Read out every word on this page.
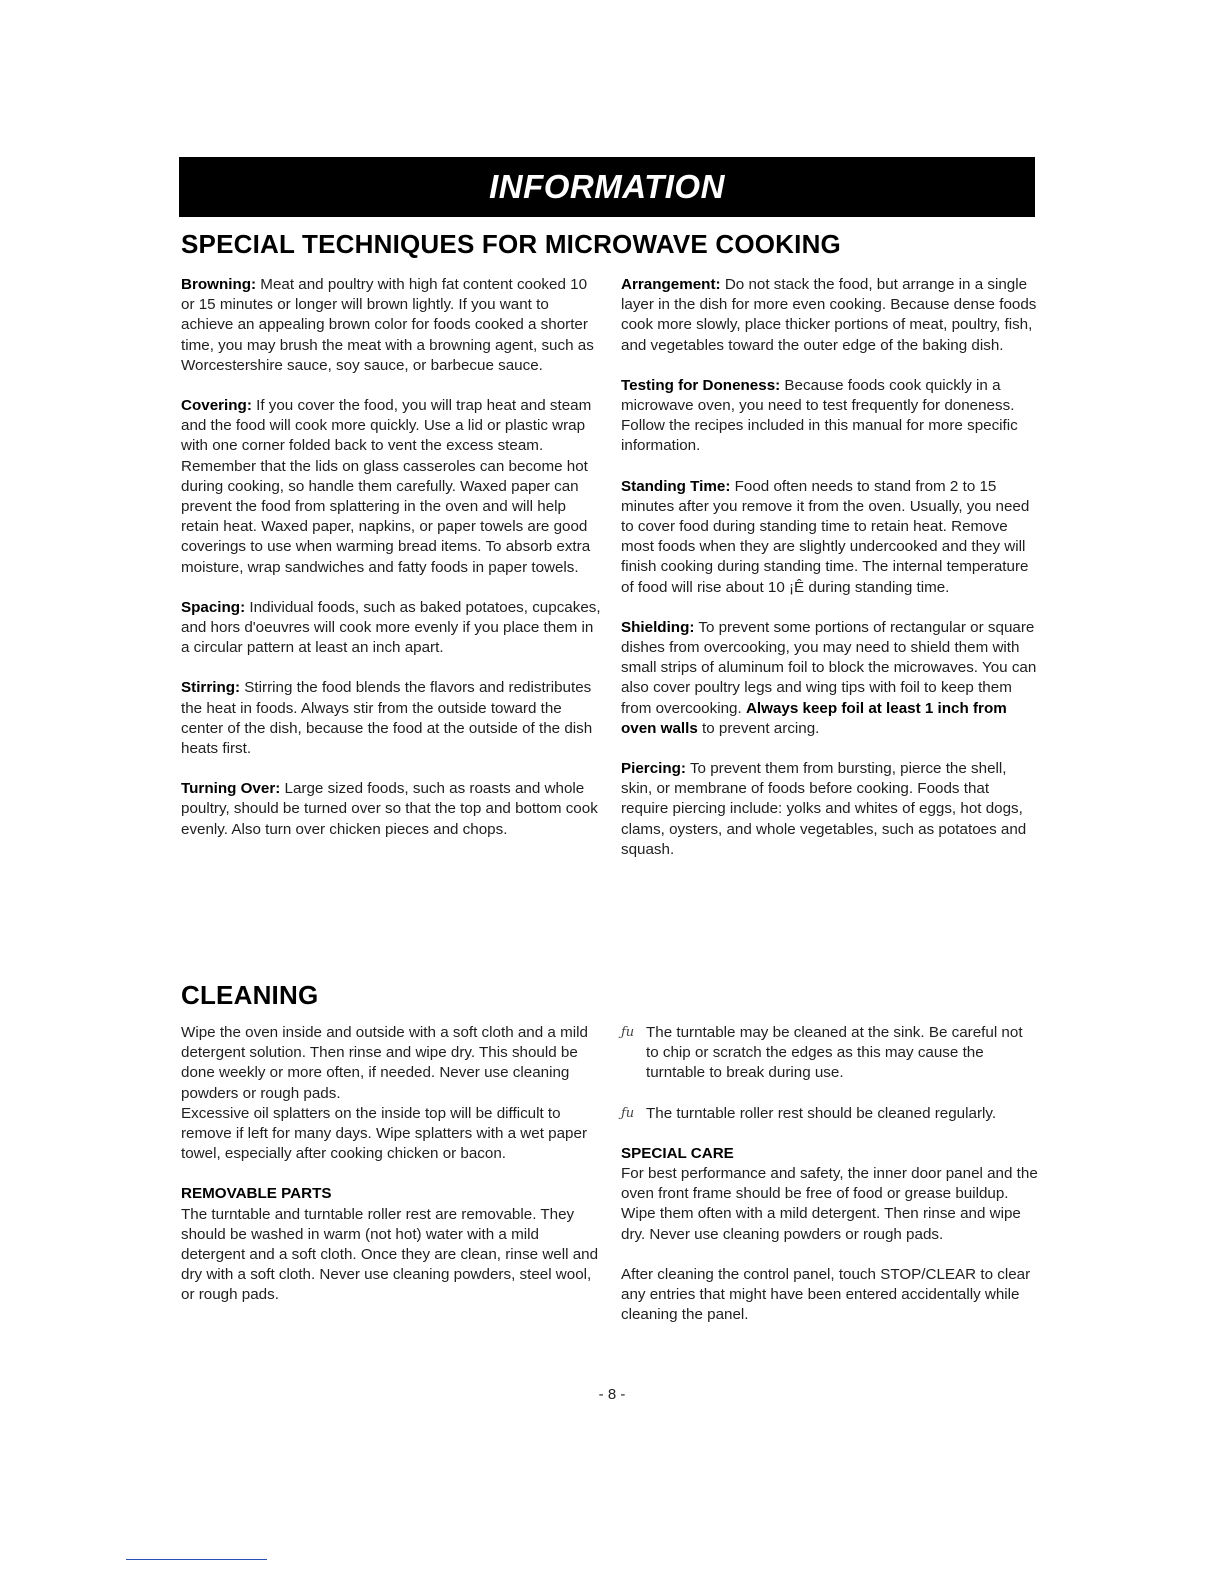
INFORMATION
SPECIAL TECHNIQUES FOR MICROWAVE COOKING

Browning: Meat and poultry with high fat content cooked 10 or 15 minutes or longer will brown lightly. If you want to achieve an appealing brown color for foods cooked a shorter time, you may brush the meat with a browning agent, such as Worcestershire sauce, soy sauce, or barbecue sauce.

Covering: If you cover the food, you will trap heat and steam and the food will cook more quickly. Use a lid or plastic wrap with one corner folded back to vent the excess steam. Remember that the lids on glass casseroles can become hot during cooking, so handle them carefully. Waxed paper can prevent the food from splattering in the oven and will help retain heat. Waxed paper, napkins, or paper towels are good coverings to use when warming bread items. To absorb extra moisture, wrap sandwiches and fatty foods in paper towels.

Spacing: Individual foods, such as baked potatoes, cupcakes, and hors d'oeuvres will cook more evenly if you place them in a circular pattern at least an inch apart.

Stirring: Stirring the food blends the flavors and redistributes the heat in foods. Always stir from the outside toward the center of the dish, because the food at the outside of the dish heats first.

Turning Over: Large sized foods, such as roasts and whole poultry, should be turned over so that the top and bottom cook evenly. Also turn over chicken pieces and chops.

Arrangement: Do not stack the food, but arrange in a single layer in the dish for more even cooking. Because dense foods cook more slowly, place thicker portions of meat, poultry, fish, and vegetables toward the outer edge of the baking dish.

Testing for Doneness: Because foods cook quickly in a microwave oven, you need to test frequently for doneness. Follow the recipes included in this manual for more specific information.

Standing Time: Food often needs to stand from 2 to 15 minutes after you remove it from the oven. Usually, you need to cover food during standing time to retain heat. Remove most foods when they are slightly undercooked and they will finish cooking during standing time. The internal temperature of food will rise about 10 ¡Ê during standing time.

Shielding: To prevent some portions of rectangular or square dishes from overcooking, you may need to shield them with small strips of aluminum foil to block the microwaves. You can also cover poultry legs and wing tips with foil to keep them from overcooking. Always keep foil at least 1 inch from oven walls to prevent arcing.

Piercing: To prevent them from bursting, pierce the shell, skin, or membrane of foods before cooking. Foods that require piercing include: yolks and whites of eggs, hot dogs, clams, oysters, and whole vegetables, such as potatoes and squash.

CLEANING

Wipe the oven inside and outside with a soft cloth and a mild detergent solution. Then rinse and wipe dry. This should be done weekly or more often, if needed. Never use cleaning powders or rough pads.

Excessive oil splatters on the inside top will be difficult to remove if left for many days. Wipe splatters with a wet paper towel, especially after cooking chicken or bacon.

REMOVABLE PARTS

The turntable and turntable roller rest are removable. They should be washed in warm (not hot) water with a mild detergent and a soft cloth. Once they are clean, rinse well and dry with a soft cloth. Never use cleaning powders, steel wool, or rough pads.

ƒu The turntable may be cleaned at the sink. Be careful not to chip or scratch the edges as this may cause the turntable to break during use.

ƒu The turntable roller rest should be cleaned regularly.

SPECIAL CARE

For best performance and safety, the inner door panel and the oven front frame should be free of food or grease buildup. Wipe them often with a mild detergent. Then rinse and wipe dry. Never use cleaning powders or rough pads.

After cleaning the control panel, touch STOP/CLEAR to clear any entries that might have been entered accidentally while cleaning the panel.

- 8 -
